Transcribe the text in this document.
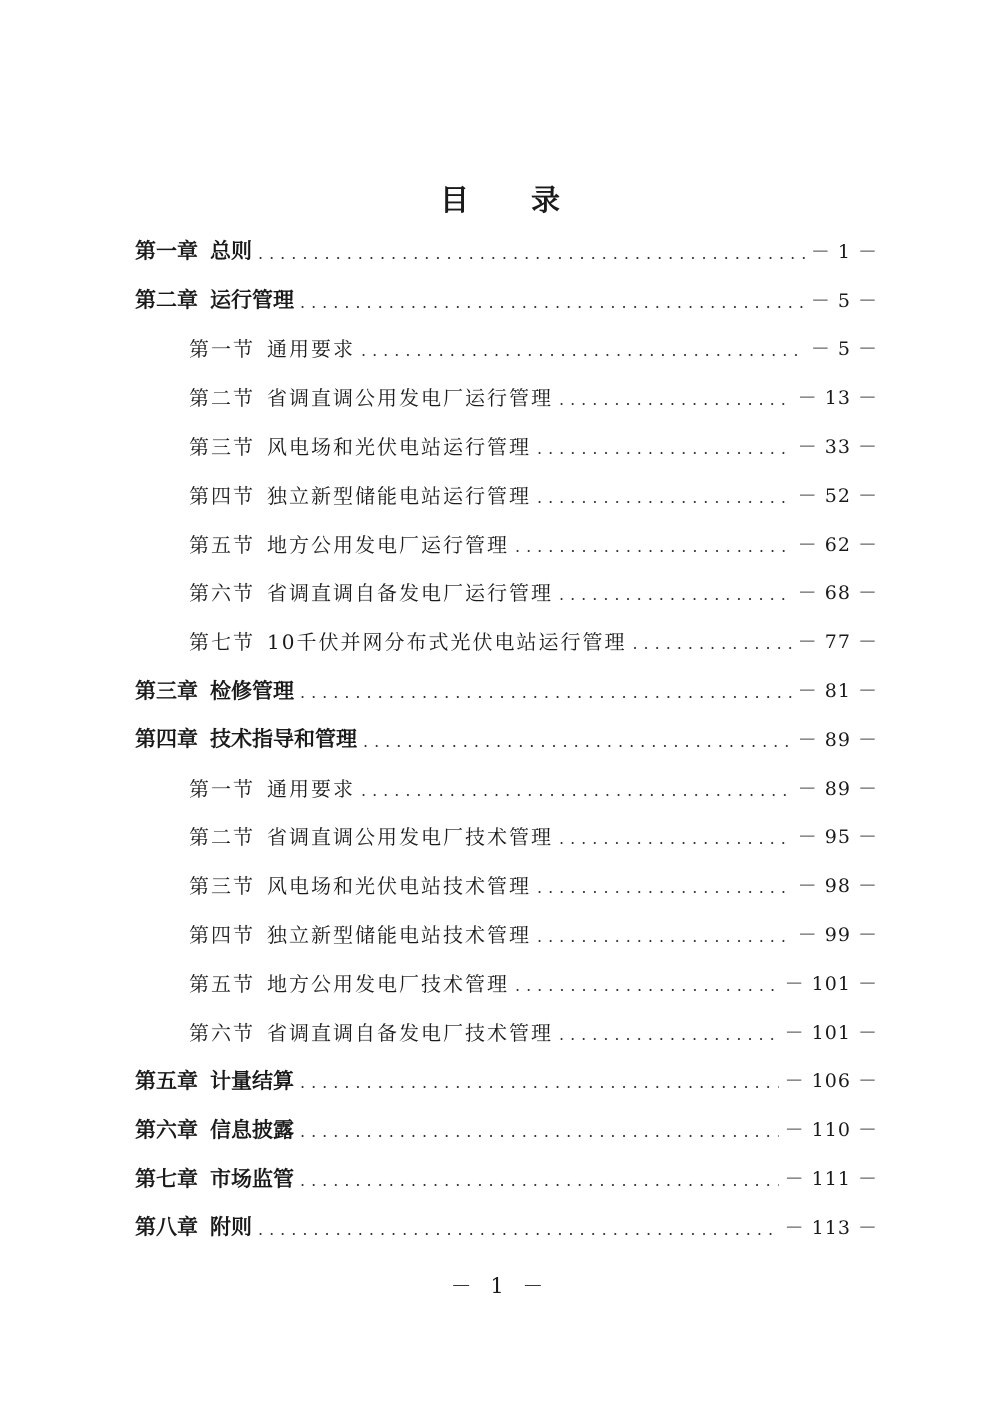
目 录
第一章 总则 .....	－ 1 －
第二章 运行管理 .....	－ 5 －
第一节 通用要求 .....	－ 5 －
第二节 省调直调公用发电厂运行管理 .....	－ 13 －
第三节 风电场和光伏电站运行管理 .....	－ 33 －
第四节 独立新型储能电站运行管理 .....	－ 52 －
第五节 地方公用发电厂运行管理 .....	－ 62 －
第六节 省调直调自备发电厂运行管理 .....	－ 68 －
第七节 10千伏并网分布式光伏电站运行管理 .....	－ 77 －
第三章 检修管理 .....	－ 81 －
第四章 技术指导和管理 .....	－ 89 －
第一节 通用要求 .....	－ 89 －
第二节 省调直调公用发电厂技术管理 .....	－ 95 －
第三节 风电场和光伏电站技术管理 .....	－ 98 －
第四节 独立新型储能电站技术管理 .....	－ 99 －
第五节 地方公用发电厂技术管理 .....	－ 101 －
第六节 省调直调自备发电厂技术管理 .....	－ 101 －
第五章 计量结算 .....	－ 106 －
第六章 信息披露 .....	－ 110 －
第七章 市场监管 .....	－ 111 －
第八章 附则 .....	－ 113 －
－ 1 －
